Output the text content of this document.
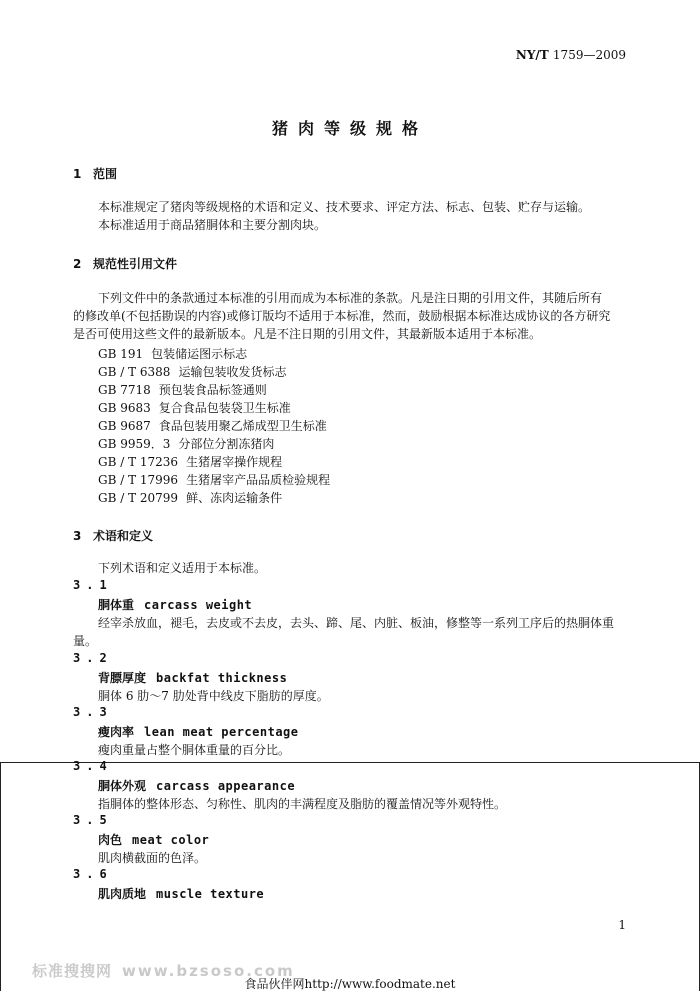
NY/T 1759—2009
猪肉等级规格
1 范围
本标准规定了猪肉等级规格的术语和定义、技术要求、评定方法、标志、包装、贮存与运输。
本标准适用于商品猪胴体和主要分割肉块。
2 规范性引用文件
下列文件中的条款通过本标准的引用而成为本标准的条款。凡是注日期的引用文件，其随后所有
的修改单(不包括勘误的内容)或修订版均不适用于本标准，然而，鼓励根据本标准达成协议的各方研究
是否可使用这些文件的最新版本。凡是不注日期的引用文件，其最新版本适用于本标准。
GB 191 包装储运图示标志
GB / T 6388 运输包装收发货标志
GB 7718 预包装食品标签通则
GB 9683 复合食品包装袋卫生标准
GB 9687 食品包装用聚乙烯成型卫生标准
GB 9959．3 分部位分割冻猪肉
GB / T 17236 生猪屠宰操作规程
GB / T 17996 生猪屠宰产品品质检验规程
GB / T 20799 鲜、冻肉运输条件
3 术语和定义
下列术语和定义适用于本标准。
3.1
胴体重 carcass weight
经宰杀放血，褪毛，去皮或不去皮，去头、蹄、尾、内脏、板油，修整等一系列工序后的热胴体重
量。
3.2
背膘厚度 backfat thickness
胴体 6 肋～7 肋处背中线皮下脂肪的厚度。
3.3
瘦肉率 lean meat percentage
瘦肉重量占整个胴体重量的百分比。
3.4
胴体外观 carcass appearance
指胴体的整体形态、匀称性、肌肉的丰满程度及脂肪的覆盖情况等外观特性。
3.5
肉色 meat color
肌肉横截面的色泽。
3.6
肌肉质地 muscle texture
1
标准搜搜网 www.bzsoso.com
食品伙伴网http://www.foodmate.net
